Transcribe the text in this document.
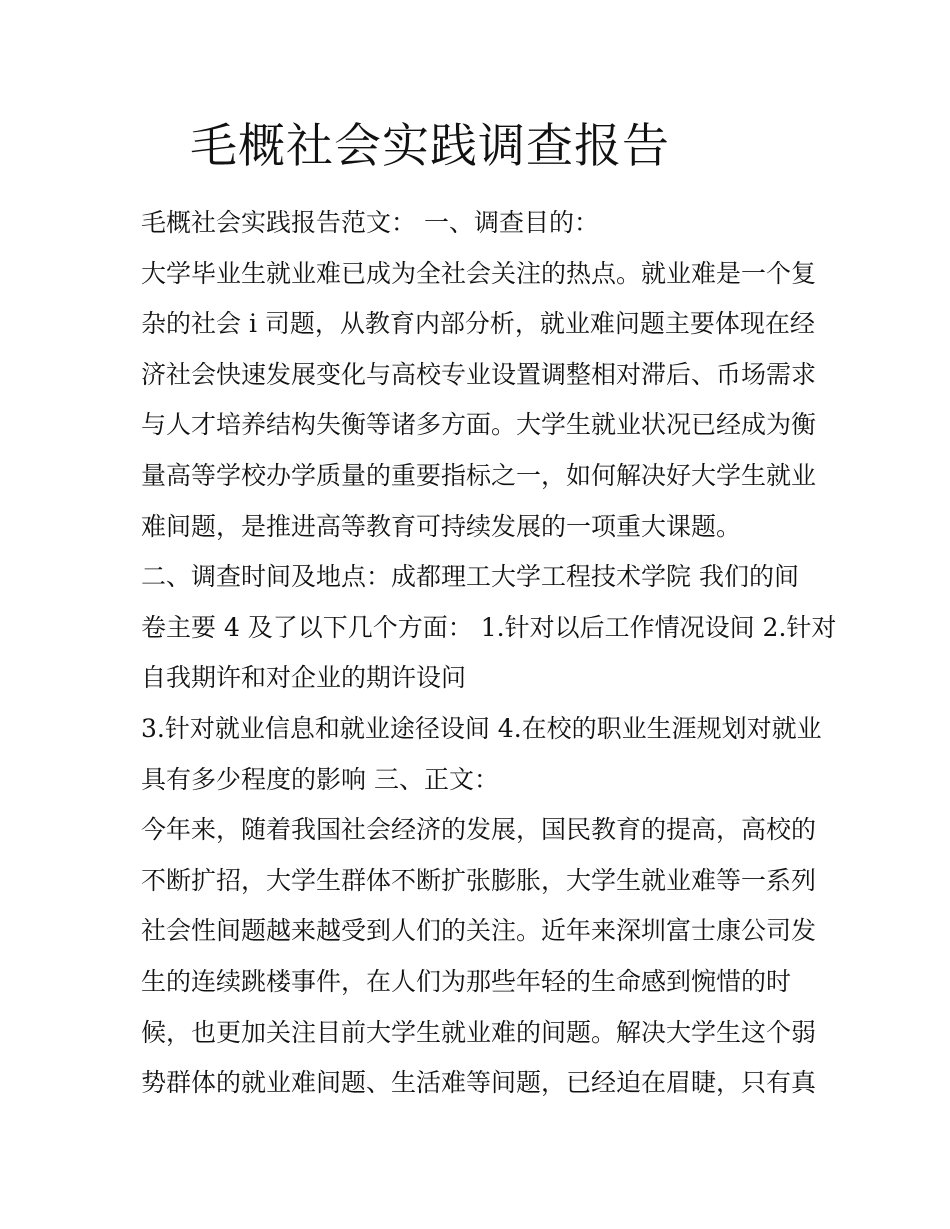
毛概社会实践调查报告
毛概社会实践报告范文： 一、调查目的：
大学毕业生就业难已成为全社会关注的热点。就业难是一个复
杂的社会 i 司题，从教育内部分析，就业难问题主要体现在经
济社会快速发展变化与高校专业设置调整相对滞后、币场需求
与人才培养结构失衡等诸多方面。大学生就业状况已经成为衡
量高等学校办学质量的重要指标之一，如何解决好大学生就业
难间题，是推进高等教育可持续发展的一项重大课题。
二、调查时间及地点：成都理工大学工程技术学院 我们的间
卷主要 4 及了以下几个方面： 1.针对以后工作情况设间 2.针对
自我期许和对企业的期许设问
3.针对就业信息和就业途径设间 4.在校的职业生涯规划对就业
具有多少程度的影响 三、正文：
今年来，随着我国社会经济的发展，国民教育的提高，高校的
不断扩招，大学生群体不断扩张膨胀，大学生就业难等一系列
社会性间题越来越受到人们的关注。近年来深圳富士康公司发
生的连续跳楼事件，在人们为那些年轻的生命感到惋惜的时
候，也更加关注目前大学生就业难的间题。解决大学生这个弱
势群体的就业难间题、生活难等间题，已经迫在眉睫，只有真
